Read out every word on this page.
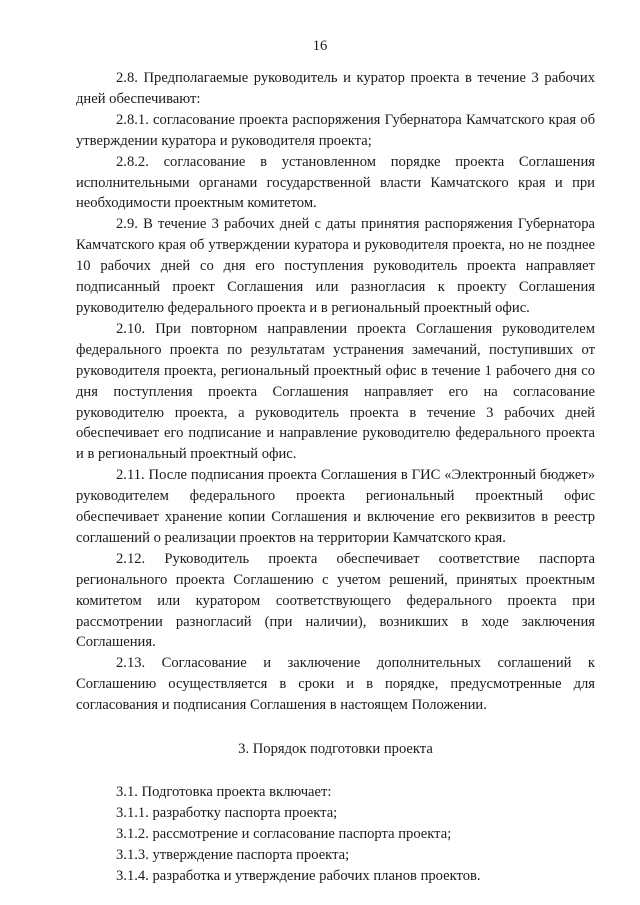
16

2.8. Предполагаемые руководитель и куратор проекта в течение 3 рабочих дней обеспечивают:

2.8.1. согласование проекта распоряжения Губернатора Камчатского края об утверждении куратора и руководителя проекта;

2.8.2. согласование в установленном порядке проекта Соглашения исполнительными органами государственной власти Камчатского края и при необходимости проектным комитетом.

2.9. В течение 3 рабочих дней с даты принятия распоряжения Губернатора Камчатского края об утверждении куратора и руководителя проекта, но не позднее 10 рабочих дней со дня его поступления руководитель проекта направляет подписанный проект Соглашения или разногласия к проекту Соглашения руководителю федерального проекта и в региональный проектный офис.

2.10. При повторном направлении проекта Соглашения руководителем федерального проекта по результатам устранения замечаний, поступивших от руководителя проекта, региональный проектный офис в течение 1 рабочего дня со дня поступления проекта Соглашения направляет его на согласование руководителю проекта, а руководитель проекта в течение 3 рабочих дней обеспечивает его подписание и направление руководителю федерального проекта и в региональный проектный офис.

2.11. После подписания проекта Соглашения в ГИС «Электронный бюджет» руководителем федерального проекта региональный проектный офис обеспечивает хранение копии Соглашения и включение его реквизитов в реестр соглашений о реализации проектов на территории Камчатского края.

2.12. Руководитель проекта обеспечивает соответствие паспорта регионального проекта Соглашению с учетом решений, принятых проектным комитетом или куратором соответствующего федерального проекта при рассмотрении разногласий (при наличии), возникших в ходе заключения Соглашения.

2.13. Согласование и заключение дополнительных соглашений к Соглашению осуществляется в сроки и в порядке, предусмотренные для согласования и подписания Соглашения в настоящем Положении.

3. Порядок подготовки проекта

3.1. Подготовка проекта включает:

3.1.1. разработку паспорта проекта;

3.1.2. рассмотрение и согласование паспорта проекта;

3.1.3. утверждение паспорта проекта;

3.1.4. разработка и утверждение рабочих планов проектов.
